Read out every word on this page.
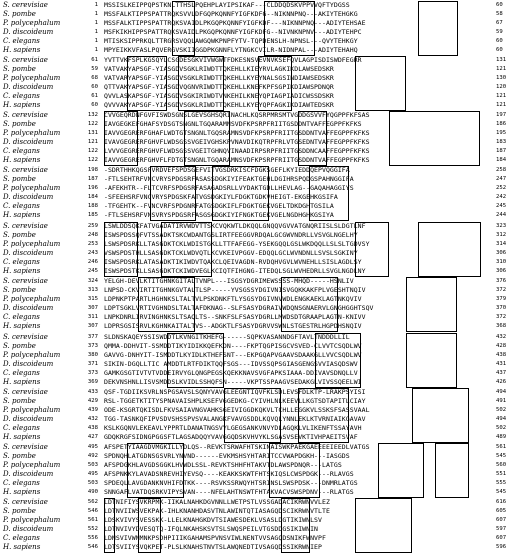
S. cerevisiae	1 MSSISLKEIPPQPSTKNLTTHSLPQEHPLAYIPSIKAF---CLDDQDSKVPPVVQFTYDGSS	60
S. pombe	1 MSSFALKTIPPSPATTRQKSVVLDFGQPKQNNFYIGFKDFG--NIKNNPNQ---AKIYTEHGKG	58
P. polycephalum	1 MSSFALKTIPPSPATTRQKSVAIDLPKGQPKQNNFYIGFKDF---NIKNNPNQ---ADIYTEHSAE	67
D. discoideum	1 MSFKIKHIPPSPATTRQKSVAIDLPKGQPKQNNFYIGFKDFG--NIVNKNPNV---ADIYTEHPC	59
C. elegans	1 MTISKSIPPRKQLTTRGRSVQQLAWGQWKPNPFYTV-TQPDENSLH-NPNSL---QVYTEHKGY	60
H. sapiens	1 MPYEIKKVFASLPQVERGVSKIIGGDPKGNNFLYTNGKCVILR-NIDNPAL---ADIYTEHAHQ	60
S. cerevisiae	61 YVTTVKFSPLKGSQYLCSGDESGKVIVWGWTFDKESNSVEVNVKSEFQVLAGPISDISWDFEGRR	131
S. pombe	59 VATVAKYAPSGF-YIASGDVSGKLRIWDTTQKEHLLKIEYRVLAGKIKDLAWSEDSKR	121
P. polycephalum	68 VATVARYAPSGF-YIASGDVSGKLRIWDTTQKEHLLKYEYNALSGSINDIAWSEDSKR	130
D. discoideum	60 QTTVAKYAPSGF-YIASGDVQGNVRIWDTTQKEHLLKNEFKPFSGPIKDIAWSPDNQR	120
C. elegans	61 QVVLASKAPSGF-YIASGDVSGKIRIWDTVNKEHILKNEYQPIAGPIADICWSSDSKR	121
H. sapiens	60 QVVVAKYAPSGF-YIASGDVSGKLRIWDTTQKEHLLKYEYQPFAGKIKDIAWTEDSKR	121
S. cerevisiae	132 CVVGEQRDNFGVFISWDSGNSLGEVSGHSQRINACHLKQSRPMRSMTVGDDGSVVFYQGPPFKFSAS	197
S. pombe	122 IAVGEGKEFGHAFSYDSGTSNGNLTGQARAMNSVDFKPSRPFRIITGSDDNTVAFFEGPPFKFKS	186
P. polycephalum	131 IAVVGEGRERFGHAFLWDTGTSNGNLTGQSRAMNSVDFKPSRPFRIITGSDDNTVAFFEGPPFKFKS	195
D. discoideum	121 IVAVGEGRERFGHVFLWDSGSSVGEIVGHSKPVNAVDIKQTRPFRLVTGSEDNTVAFFEGPPFKFKS	183
C. elegans	122 LVVVGEGRERFGHVFLWDSGSSVGEITGHNQVINAADIRPSRPFRIITGSDDNCAAFFEGPPFKFKS	187
H. sapiens	122 IAVVGEGRERFGHVFLFDTGTSNGNLTGQARAMNSVDFKPSRPFRIITGSDDNTVAFFEGPPFKFKS	184
S. cerevisiae	198 -SDRTHHKQGSFVRDVEFSPDSGEFVITVGSDRKISCFDGKSGEFLKYIEDDQEPVQGGIFA	258
S. pombe	187 -FTLSEHTRFVNCVRYSPDGSRFASASSDGKIYIFEAKTGEHLDGIHRSPQDGSPAHNGGIFA	247
P. polycephalum	196 -AFEKHTR--FLTCVRFSPDGSRFASAGADSRLLVYDAKTGDLLHEVLAG--GAQAHAGGIYS	252
D. discoideum	184 -SFEEHSRFVNCVRYSPDGSKFATVGSDGKIYLFDGKTGDKVHEIGT-EKGEHKGSIFA	242
C. elegans	188 -TFGEHTK--FVNCVRFSPDGNRFATGSDGKIFLFDGKTGEKVGELTDKDGHTGSILA	245
H. sapiens	185 -FTLSEHSRFVNSVRYSPDGSRFASGSGDGKIYIFNGKTGEKVGELNGDHGHKGSIYA	244
S. cerevisiae	259 LSWLDDSQKFATVGADATIRVWDVTTSKCVQKWTLDKQQLGNQQVGVVATGNQRIISLSLDGTLNF	323
S. pombe	248 ISWSPDSSQFVTSSADKTSKCWDANTGSLIRTFEEGGVRDQALGCGWVNDRLLVSVGLNGELHY	312
P. polycephalum	253 LSWSPDSRKLLTASGDKTCKLWDISTGKLLTTFAFEGG-YSEKGQQLGSLWKDQQLLSLSLTGDVSY	314
D. discoideum	243 VSWSPDSTHLLSASGDKTCKLWDVQTLKCVKEIVPGGV-EDQQLGCLWVNDNLLSVSLSGKINY	306
C. elegans	246 ISWSPDSRKLATASADKTIKIWDVTQAKCLQEIVAGDN-RVDQHVGVLWVNEHLLSISLAGDLSY	310
H. sapiens	245 ISWSPDSTKLLSASGDKTCKIWDVEGLKCIQTFIHGNG-ITEDQLSGLWVHEDRLLSVGLNGDLNY	306
S. cerevisiae	324 YELGH-DEVLKTITGHNKGITALTVNPL---ISGSYDGRIMEWSSSS-MHQD-----HSNLIV	376
S. pombe	313 LNPSD-CKVIRTITGHNKGVTALTLSP-----YVSGSSYDGIVNISVGQKKAKFPLVGESHTNQIV	372
P. polycephalum	315 LDPNKPTPARTLHGHNKSLTALTVLPSKDNKFTLYSGSYDGIVNVWDLENGKAEKLAGTNKQVIV	379
D. discoideum	307 LDPTSGKLVRTIVGHNDSLTALTAFDKNAG--SLFSASYDGRAIVWDQNSGNAERVLGNGHGGHTSQV	370
C. elegans	311 LNPKDNRLIRVINGHNKSLTSAQLTS--SNKFSLFSASYDGRLLMWDSDTGRAAPLAGTN-KNIVV	372
H. sapiens	307 LDPRSGSISRVLKGHNKAITALTVS--ADGKTLFSASYDGRVVSWNLSTGESTRLHGPDHSNQIV	368
S. cerevisiae	377 SLDNSKAQEYSSISWDDTLKVNGITKHEFG------SQPKVASANNDGFTAVLTNDDDLLIL	432
S. pombe	373 QMMA-DDHVIT-SSMDDTIKYIDIKKQEFKDN----FKPTQGPISGCVSVED-CLVVTCSQDLWV	428
P. polycephalum	380 GAVVG-DNHYIT-ISMDDTLKYIDLKTHEFSNT---EKPGQAPVGAAVSDAAKGLLVVCSQDLWV	438
D. discoideum	371 SIKIN-DGQLLTIC AMDDTLRTFDIKTQQFSGS---IDVSSQPSGIASGENGSVVIASQDSWV	431
C. elegans	373 GAMKGSGTIVTVTVDDEIRVYGLQNGPEGSKQEKKNAVSVGFAPKSIAAA-DDIVAVSDNQLLV	437
H. sapiens	369 DEKVNSHNLLISVSMDDSLKVIDLSSHQFSN-----VKPTSSPAAGVSEDAKGLVIVSSQEELWI	426
S. cerevisiae	433 QSF-TGDIIKSVRLNSPGSAVSLSQNYVAVGLEEGNTIQVFKLSDLEVSFDLKTP-LRAKPSYISI	494
S. pombe	429 RSL-TGGETKTITYSPNAVAISHPLKSEFVGGEDKG-CYIVHLNLKEEVLLKGTSDTAPITLCIAY	491
P. polycephalum	439 ODE-KSGRTQKISDLFKVSAIAVNGVAHKSGEIVIGGDKQKVLTCHLLEGGKVLSSKSFSASSVAAL	502
D. discoideum	432 TGG-TASNKQFIPVSDVSHSSPVSVALANGKFVAVGSDDLKQVQLYNNLEKLKTVRNIAIKGAVAV	494
C. elegans	438 KSLKGQNVLEKEAVLYPPRTLDANATNGSVYLGEGSANKVNVYDLAGQKLVLIKENFTSSAYAVH	502
H. sapiens	427 GDQKRGFSIDNGPGGSFTLAGSADQQYVAVGGQDSKVHVYKLSGASVSEVKTIVHPAEITSVAF	489
S. cerevisiae	495 AFSPETYIAAGDVMGKILLYDLQS--REVKTSRWAFHTSKINAISWKPAEKGAEEEEIEEDLVATGS	561
S. pombe	492 SPDNQHLATGDNSGSVRLYNVND------EVKMSHSYHTARITCCVWAPDGKH---IASGDS	545
P. polycephalum	503 AFSPDGKHLAVGDSGGKLHVWDLSSL-REVKTSHHFHTAKVTDLAWSPDNQR---LATGS	560
D. discoideum	495 AFSPNKKYLAVADSNREVHIYEVSQ----KEAKKSKWTFHTSKIQSLCWSPDGK---RLAVGS	551
C. elegans	503 SPDEQLLAVGDANKNVHIFDTKK----RSVKSSRWQYHTSRINSLSWSPDSK---DNMRLATGS	555
H. sapiens	490 SNNGAFLVATDQSRKVIPYSVAN----NFELAHTNSWTFHTAKVACVSWSPDNV---RLATGS	545
S. cerevisiae	562 LDTNIFIYSVKRPMK-IIKALNAHKDGVNNLLWETPSTLVSSGADACIKRWNVVLEZ	616
S. pombe	546 LDTNVIIWSVEKPAK-IHLKNANHDASVTNLAWINTQTIASAGQDSCIKRWNVTLTE	605
P. polycephalum	561 LDSKVIVYSVESSKK-LLELKNAHGKDVTSIAWESDEKLVSASLDGTIKIWNLSV	607
D. discoideum	552 LDTNVIVYDVESQTQ-IFQLNKAHSKSVTSLSWQSPEILVTGSDDGSIKIWNIN	597
C. elegans	556 LDNSVIVWNMNKPSDHPIIIKGAHAMSPVNSVIWLNENTVVSAGQDSNIKFWNVPF	607
H. sapiens	546 LDTSVIIYSVQKPET-PLSLKNAHSTNVTSLAWQNEDTIVSAGQDSSIKRWNIEP	596
